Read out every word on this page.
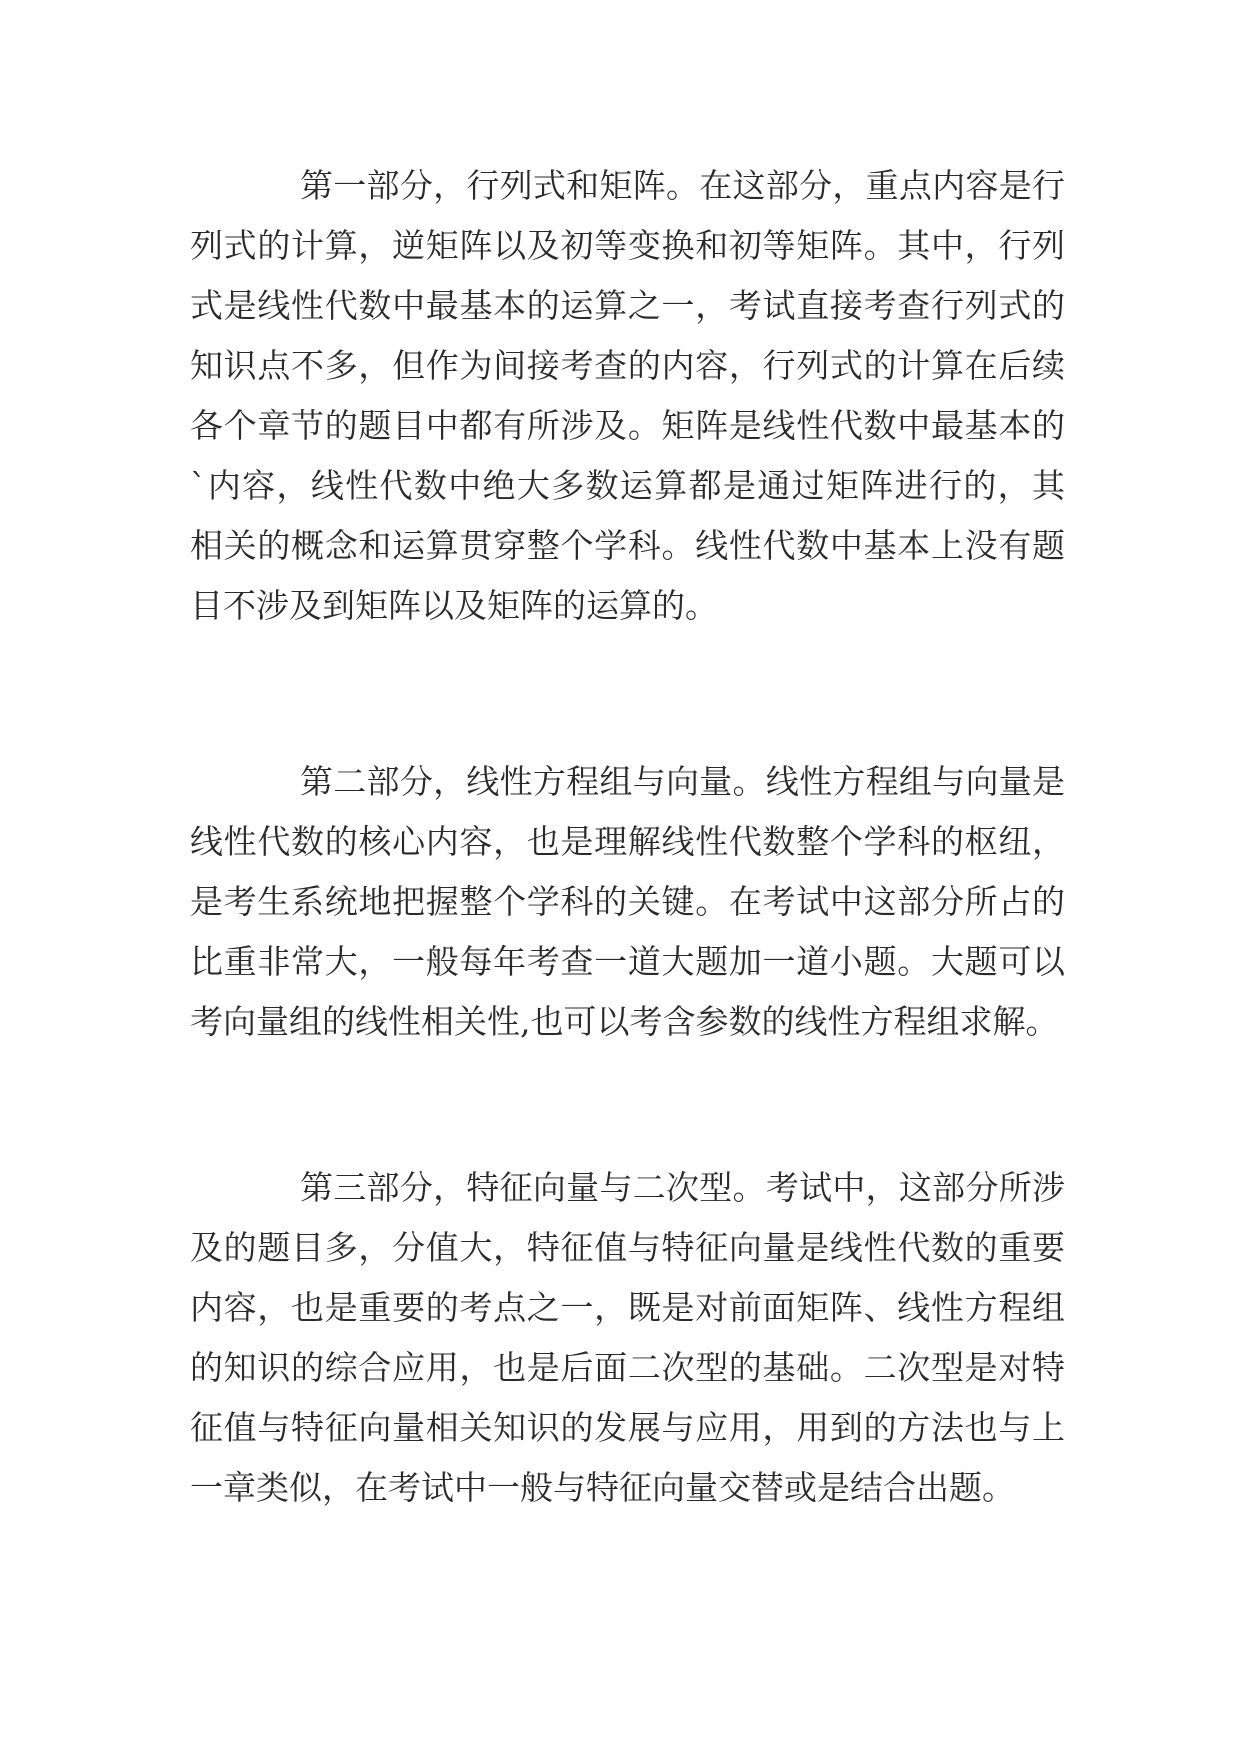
第一部分，行列式和矩阵。在这部分，重点内容是行
列式的计算，逆矩阵以及初等变换和初等矩阵。其中，行列
式是线性代数中最基本的运算之一，考试直接考查行列式的
知识点不多，但作为间接考查的内容，行列式的计算在后续
各个章节的题目中都有所涉及。矩阵是线性代数中最基本的
`内容，线性代数中绝大多数运算都是通过矩阵进行的，其
相关的概念和运算贯穿整个学科。线性代数中基本上没有题
目不涉及到矩阵以及矩阵的运算的。

第二部分，线性方程组与向量。线性方程组与向量是
线性代数的核心内容，也是理解线性代数整个学科的枢纽，
是考生系统地把握整个学科的关键。在考试中这部分所占的
比重非常大，一般每年考查一道大题加一道小题。大题可以
考向量组的线性相关性,也可以考含参数的线性方程组求解。

第三部分，特征向量与二次型。考试中，这部分所涉
及的题目多，分值大，特征值与特征向量是线性代数的重要
内容，也是重要的考点之一，既是对前面矩阵、线性方程组
的知识的综合应用，也是后面二次型的基础。二次型是对特
征值与特征向量相关知识的发展与应用，用到的方法也与上
一章类似，在考试中一般与特征向量交替或是结合出题。
